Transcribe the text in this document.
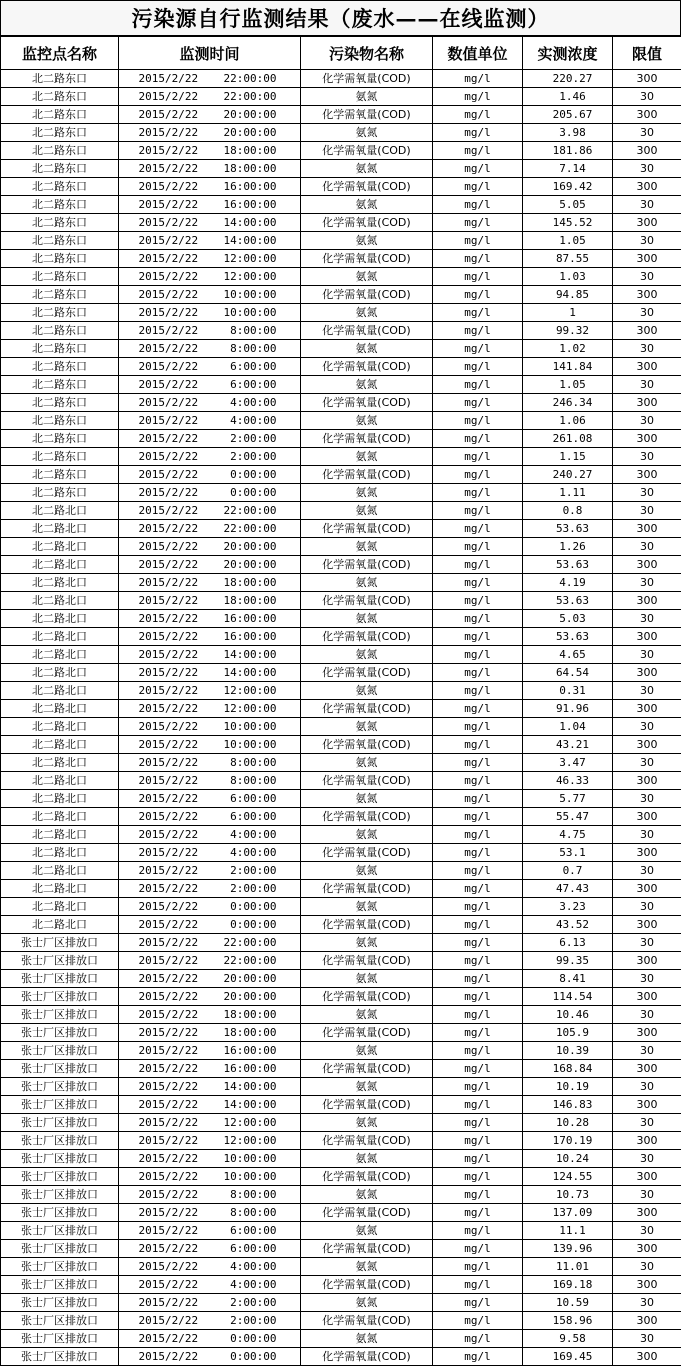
污染源自行监测结果（废水——在线监测）
监控点名称	监测时间	污染物名称	数值单位	实测浓度	限值
北二路东口	2015/2/22 22:00:00	化学需氧量(COD)	mg/l	220.27	300
北二路东口	2015/2/22 22:00:00	氨氮	mg/l	1.46	30
北二路东口	2015/2/22 20:00:00	化学需氧量(COD)	mg/l	205.67	300
北二路东口	2015/2/22 20:00:00	氨氮	mg/l	3.98	30
北二路东口	2015/2/22 18:00:00	化学需氧量(COD)	mg/l	181.86	300
北二路东口	2015/2/22 18:00:00	氨氮	mg/l	7.14	30
北二路东口	2015/2/22 16:00:00	化学需氧量(COD)	mg/l	169.42	300
北二路东口	2015/2/22 16:00:00	氨氮	mg/l	5.05	30
北二路东口	2015/2/22 14:00:00	化学需氧量(COD)	mg/l	145.52	300
北二路东口	2015/2/22 14:00:00	氨氮	mg/l	1.05	30
北二路东口	2015/2/22 12:00:00	化学需氧量(COD)	mg/l	87.55	300
北二路东口	2015/2/22 12:00:00	氨氮	mg/l	1.03	30
北二路东口	2015/2/22 10:00:00	化学需氧量(COD)	mg/l	94.85	300
北二路东口	2015/2/22 10:00:00	氨氮	mg/l	1	30
北二路东口	2015/2/22 8:00:00	化学需氧量(COD)	mg/l	99.32	300
北二路东口	2015/2/22 8:00:00	氨氮	mg/l	1.02	30
北二路东口	2015/2/22 6:00:00	化学需氧量(COD)	mg/l	141.84	300
北二路东口	2015/2/22 6:00:00	氨氮	mg/l	1.05	30
北二路东口	2015/2/22 4:00:00	化学需氧量(COD)	mg/l	246.34	300
北二路东口	2015/2/22 4:00:00	氨氮	mg/l	1.06	30
北二路东口	2015/2/22 2:00:00	化学需氧量(COD)	mg/l	261.08	300
北二路东口	2015/2/22 2:00:00	氨氮	mg/l	1.15	30
北二路东口	2015/2/22 0:00:00	化学需氧量(COD)	mg/l	240.27	300
北二路东口	2015/2/22 0:00:00	氨氮	mg/l	1.11	30
北二路北口	2015/2/22 22:00:00	氨氮	mg/l	0.8	30
北二路北口	2015/2/22 22:00:00	化学需氧量(COD)	mg/l	53.63	300
北二路北口	2015/2/22 20:00:00	氨氮	mg/l	1.26	30
北二路北口	2015/2/22 20:00:00	化学需氧量(COD)	mg/l	53.63	300
北二路北口	2015/2/22 18:00:00	氨氮	mg/l	4.19	30
北二路北口	2015/2/22 18:00:00	化学需氧量(COD)	mg/l	53.63	300
北二路北口	2015/2/22 16:00:00	氨氮	mg/l	5.03	30
北二路北口	2015/2/22 16:00:00	化学需氧量(COD)	mg/l	53.63	300
北二路北口	2015/2/22 14:00:00	氨氮	mg/l	4.65	30
北二路北口	2015/2/22 14:00:00	化学需氧量(COD)	mg/l	64.54	300
北二路北口	2015/2/22 12:00:00	氨氮	mg/l	0.31	30
北二路北口	2015/2/22 12:00:00	化学需氧量(COD)	mg/l	91.96	300
北二路北口	2015/2/22 10:00:00	氨氮	mg/l	1.04	30
北二路北口	2015/2/22 10:00:00	化学需氧量(COD)	mg/l	43.21	300
北二路北口	2015/2/22 8:00:00	氨氮	mg/l	3.47	30
北二路北口	2015/2/22 8:00:00	化学需氧量(COD)	mg/l	46.33	300
北二路北口	2015/2/22 6:00:00	氨氮	mg/l	5.77	30
北二路北口	2015/2/22 6:00:00	化学需氧量(COD)	mg/l	55.47	300
北二路北口	2015/2/22 4:00:00	氨氮	mg/l	4.75	30
北二路北口	2015/2/22 4:00:00	化学需氧量(COD)	mg/l	53.1	300
北二路北口	2015/2/22 2:00:00	氨氮	mg/l	0.7	30
北二路北口	2015/2/22 2:00:00	化学需氧量(COD)	mg/l	47.43	300
北二路北口	2015/2/22 0:00:00	氨氮	mg/l	3.23	30
北二路北口	2015/2/22 0:00:00	化学需氧量(COD)	mg/l	43.52	300
张士厂区排放口	2015/2/22 22:00:00	氨氮	mg/l	6.13	30
张士厂区排放口	2015/2/22 22:00:00	化学需氧量(COD)	mg/l	99.35	300
张士厂区排放口	2015/2/22 20:00:00	氨氮	mg/l	8.41	30
张士厂区排放口	2015/2/22 20:00:00	化学需氧量(COD)	mg/l	114.54	300
张士厂区排放口	2015/2/22 18:00:00	氨氮	mg/l	10.46	30
张士厂区排放口	2015/2/22 18:00:00	化学需氧量(COD)	mg/l	105.9	300
张士厂区排放口	2015/2/22 16:00:00	氨氮	mg/l	10.39	30
张士厂区排放口	2015/2/22 16:00:00	化学需氧量(COD)	mg/l	168.84	300
张士厂区排放口	2015/2/22 14:00:00	氨氮	mg/l	10.19	30
张士厂区排放口	2015/2/22 14:00:00	化学需氧量(COD)	mg/l	146.83	300
张士厂区排放口	2015/2/22 12:00:00	氨氮	mg/l	10.28	30
张士厂区排放口	2015/2/22 12:00:00	化学需氧量(COD)	mg/l	170.19	300
张士厂区排放口	2015/2/22 10:00:00	氨氮	mg/l	10.24	30
张士厂区排放口	2015/2/22 10:00:00	化学需氧量(COD)	mg/l	124.55	300
张士厂区排放口	2015/2/22 8:00:00	氨氮	mg/l	10.73	30
张士厂区排放口	2015/2/22 8:00:00	化学需氧量(COD)	mg/l	137.09	300
张士厂区排放口	2015/2/22 6:00:00	氨氮	mg/l	11.1	30
张士厂区排放口	2015/2/22 6:00:00	化学需氧量(COD)	mg/l	139.96	300
张士厂区排放口	2015/2/22 4:00:00	氨氮	mg/l	11.01	30
张士厂区排放口	2015/2/22 4:00:00	化学需氧量(COD)	mg/l	169.18	300
张士厂区排放口	2015/2/22 2:00:00	氨氮	mg/l	10.59	30
张士厂区排放口	2015/2/22 2:00:00	化学需氧量(COD)	mg/l	158.96	300
张士厂区排放口	2015/2/22 0:00:00	氨氮	mg/l	9.58	30
张士厂区排放口	2015/2/22 0:00:00	化学需氧量(COD)	mg/l	169.45	300
